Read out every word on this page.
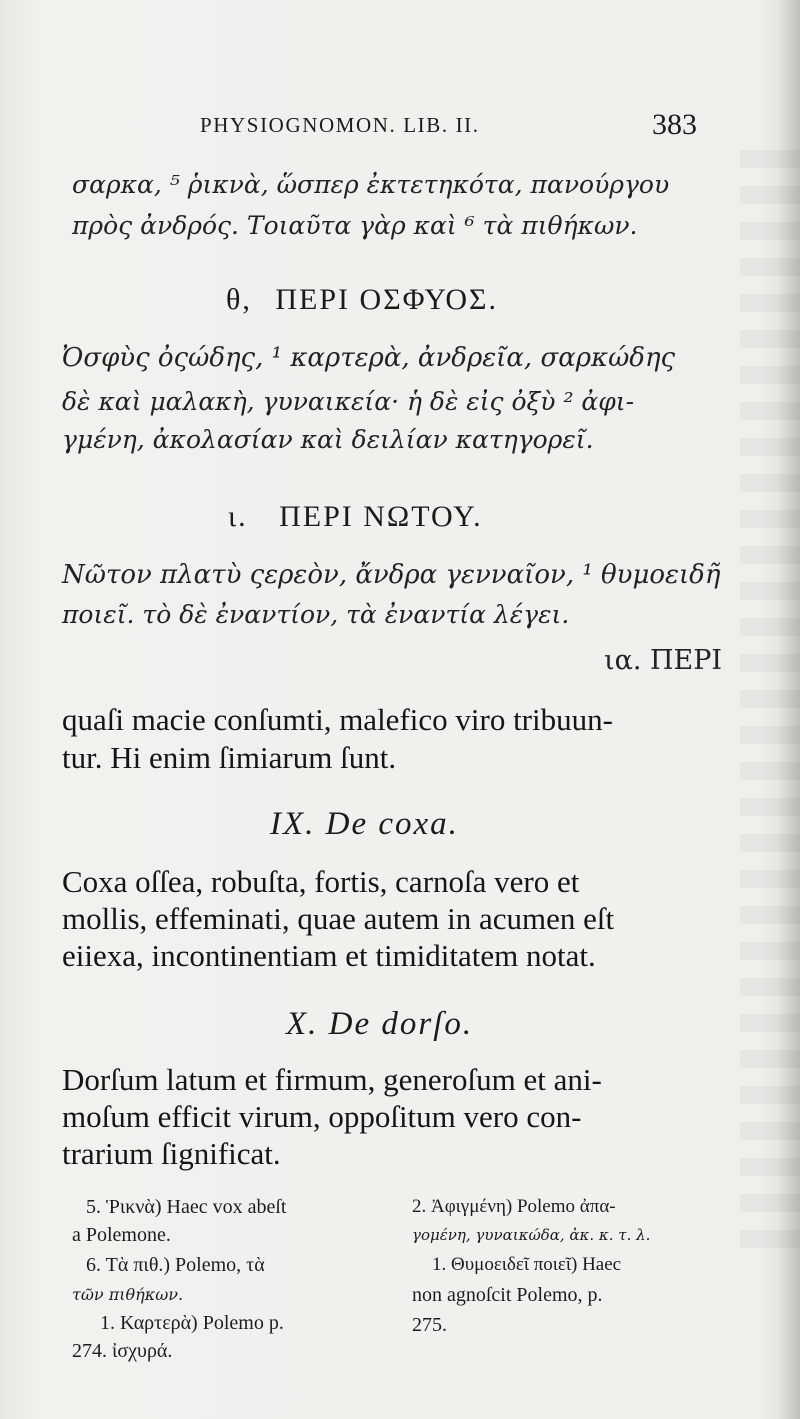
PHYSIOGNOMON. LIB. II.	383
σαρκα, ⁵ ῥικνὰ, ὥσπερ ἐκτετηκότα, πανούργου
πρὸς ἀνδρός. Τοιαῦτα γὰρ καὶ ⁶ τὰ πιθήκων.
θ, ΠΕΡΙ ΟΣΦΥΟΣ.
Ὀσφὺς ὀςώδης, ¹ καρτερὰ, ἀνδρεῖα, σαρκώδης
δὲ καὶ μαλακὴ, γυναικεία· ἡ δὲ εἰς ὀξὺ ² ἀφι-
γμένη, ἀκολασίαν καὶ δειλίαν κατηγορεῖ.
ι. ΠΕΡΙ ΝΩΤΟΥ.
Νῶτον πλατὺ ςερεὸν, ἄνδρα γενναῖον, ¹ θυμοειδῆ
ποιεῖ. τὸ δὲ ἐναντίον, τὰ ἐναντία λέγει.
ια. ΠΕΡΙ
quaſi macie conſumti, malefico viro tribuun-
tur. Hi enim ſimiarum ſunt.
IX. De coxa.
Coxa oſſea, robuſta, fortis, carnoſa vero et
mollis, effeminati, quae autem in acumen eſt
eiiexa, incontinentiam et timiditatem notat.
X. De dorſo.
Dorſum latum et firmum, generoſum et ani-
moſum efficit virum, oppoſitum vero con-
trarium ſignificat.
5. Ῥικνὰ) Haec vox abeſt
a Polemone.
6. Τὰ πιθ.) Polemo, τὰ
τῶν πιθήκων.
1. Καρτερὰ) Polemo p.
274. ἰσχυρά.
2. Ἀφιγμένη) Polemo ἀπα-
γομένη, γυναικώδα, ἀκ. κ. τ. λ.
1. Θυμοειδεῖ ποιεῖ) Haec
non agnoſcit Polemo, p.
275.
